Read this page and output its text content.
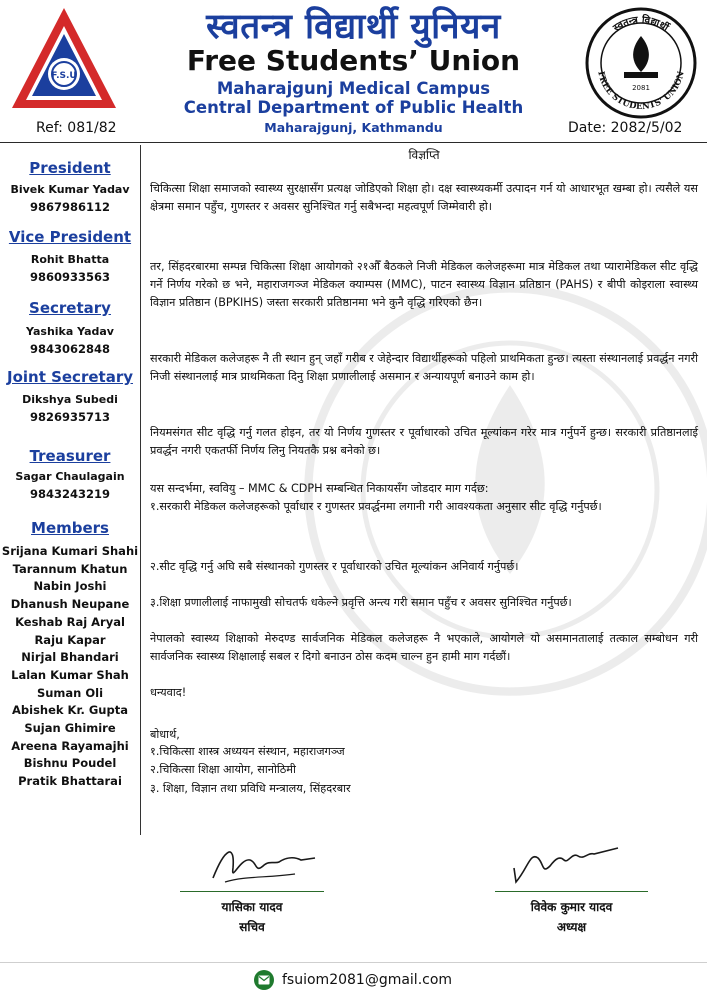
F.S.U
स्वतन्त्र विद्यार्थी युनियन
Free Students’ Union
Maharajgunj Medical Campus
Central Department of Public Health
Maharajgunj, Kathmandu
Ref: 081/82	Date: 2082/5/02
स्वतन्त्र विद्यार्थी
FREE STUDENTS' UNION
2081
President
Bivek Kumar Yadav
9867986112
Vice President
Rohit Bhatta
9860933563
Secretary
Yashika Yadav
9843062848
Joint Secretary
Dikshya Subedi
9826935713
Treasurer
Sagar Chaulagain
9843243219
Members
Srijana Kumari Shahi
Tarannum Khatun
Nabin Joshi
Dhanush Neupane
Keshab Raj Aryal
Raju Kapar
Nirjal Bhandari
Lalan Kumar Shah
Suman Oli
Abishek Kr. Gupta
Sujan Ghimire
Areena Rayamajhi
Bishnu Poudel
Pratik Bhattarai
विज्ञप्ति

चिकित्सा शिक्षा समाजको स्वास्थ्य सुरक्षासँग प्रत्यक्ष जोडिएको शिक्षा हो। दक्ष स्वास्थ्यकर्मी उत्पादन गर्न यो आधारभूत खम्बा हो। त्यसैले यस क्षेत्रमा समान पहुँच, गुणस्तर र अवसर सुनिश्चित गर्नु सबैभन्दा महत्वपूर्ण जिम्मेवारी हो।

तर, सिंहदरबारमा सम्पन्न चिकित्सा शिक्षा आयोगको २१औँ बैठकले निजी मेडिकल कलेजहरूमा मात्र मेडिकल तथा प्यारामेडिकल सीट वृद्धि गर्ने निर्णय गरेको छ भने, महाराजगञ्ज मेडिकल क्याम्पस (MMC), पाटन स्वास्थ्य विज्ञान प्रतिष्ठान (PAHS) र बीपी कोइराला स्वास्थ्य विज्ञान प्रतिष्ठान (BPKIHS) जस्ता सरकारी प्रतिष्ठानमा भने कुनै वृद्धि गरिएको छैन।

सरकारी मेडिकल कलेजहरू नै ती स्थान हुन् जहाँ गरीब र जेहेन्दार विद्यार्थीहरूको पहिलो प्राथमिकता हुन्छ। त्यस्ता संस्थानलाई प्रवर्द्धन नगरी निजी संस्थानलाई मात्र प्राथमिकता दिनु शिक्षा प्रणालीलाई असमान र अन्यायपूर्ण बनाउने काम हो।

नियमसंगत सीट वृद्धि गर्नु गलत होइन, तर यो निर्णय गुणस्तर र पूर्वाधारको उचित मूल्यांकन गरेर मात्र गर्नुपर्ने हुन्छ। सरकारी प्रतिष्ठानलाई प्रवर्द्धन नगरी एकतर्फी निर्णय लिनु नियतकै प्रश्न बनेको छ।

यस सन्दर्भमा, स्ववियु – MMC & CDPH सम्बन्धित निकायसँग जोडदार माग गर्दछ:

१.सरकारी मेडिकल कलेजहरूको पूर्वाधार र गुणस्तर प्रवर्द्धनमा लगानी गरी आवश्यकता अनुसार सीट वृद्धि गर्नुपर्छ।

२.सीट वृद्धि गर्नु अघि सबै संस्थानको गुणस्तर र पूर्वाधारको उचित मूल्यांकन अनिवार्य गर्नुपर्छ।

३.शिक्षा प्रणालीलाई नाफामुखी सोचतर्फ धकेल्ने प्रवृत्ति अन्त्य गरी समान पहुँच र अवसर सुनिश्चित गर्नुपर्छ।

नेपालको स्वास्थ्य शिक्षाको मेरुदण्ड सार्वजनिक मेडिकल कलेजहरू नै भएकाले, आयोगले यो असमानतालाई तत्काल सम्बोधन गरी सार्वजनिक स्वास्थ्य शिक्षालाई सबल र दिगो बनाउन ठोस कदम चाल्न हुन हामी माग गर्दछौं।

धन्यवाद!

बोधार्थ,

१.चिकित्सा शास्त्र अध्ययन संस्थान, महाराजगञ्ज

२.चिकित्सा शिक्षा आयोग, सानोठिमी

३. शिक्षा, विज्ञान तथा प्रविधि मन्त्रालय, सिंहदरबार

यासिका यादव
सचिव
विवेक कुमार यादव
अध्यक्ष
fsuiom2081@gmail.com
